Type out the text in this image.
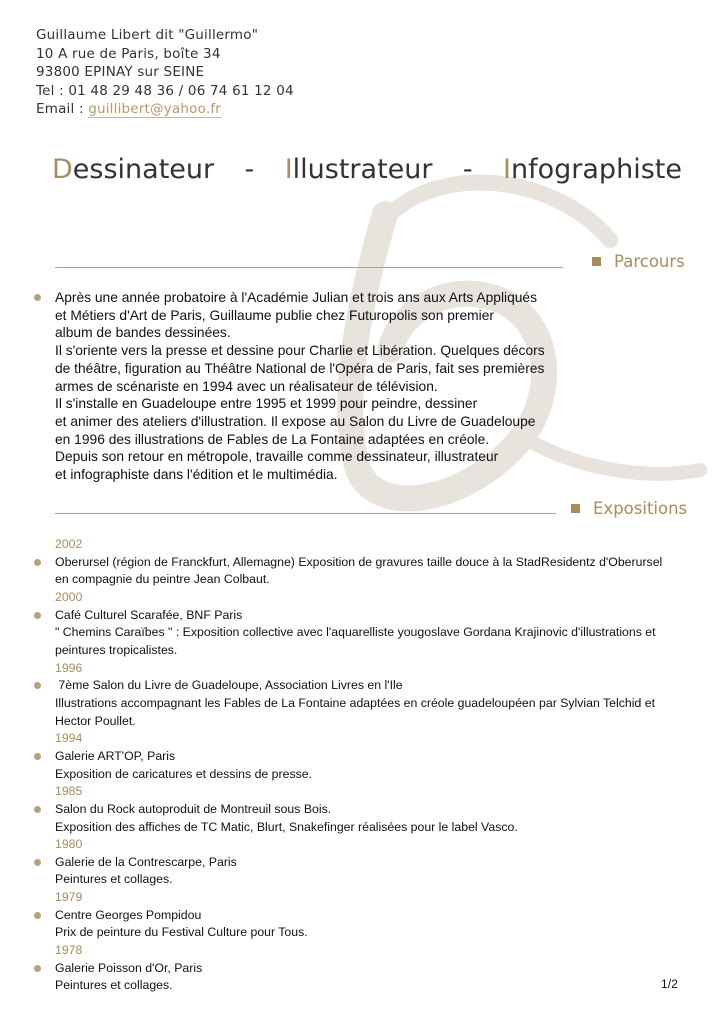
Guillaume Libert dit "Guillermo"
10 A rue de Paris, boîte 34
93800 EPINAY sur SEINE
Tel : 01 48 29 48 36 / 06 74 61 12 04
Email : guillibert@yahoo.fr
Dessinateur - Illustrateur - Infographiste
Parcours
Après une année probatoire à l'Académie Julian et trois ans aux Arts Appliqués
et Métiers d'Art de Paris, Guillaume publie chez Futuropolis son premier
album de bandes dessinées.
Il s'oriente vers la presse et dessine pour Charlie et Libération. Quelques décors
de théâtre, figuration au Théâtre National de l'Opéra de Paris, fait ses premières
armes de scénariste en 1994 avec un réalisateur de télévision.
Il s'installe en Guadeloupe entre 1995 et 1999 pour peindre, dessiner
et animer des ateliers d'illustration. Il expose au Salon du Livre de Guadeloupe
en 1996 des illustrations de Fables de La Fontaine adaptées en créole.
Depuis son retour en métropole, travaille comme dessinateur, illustrateur
et infographiste dans l'édition et le multimédia.
Expositions
2002
Oberursel (région de Franckfurt, Allemagne) Exposition de gravures taille douce à la StadResidentz d'Oberursel
en compagnie du peintre Jean Colbaut.
2000
Café Culturel Scarafée, BNF Paris
" Chemins Caraïbes " : Exposition collective avec l'aquarelliste yougoslave Gordana Krajinovic d'illustrations et
peintures tropicalistes.
1996
7ème Salon du Livre de Guadeloupe, Association Livres en l'Ile
Illustrations accompagnant les Fables de La Fontaine adaptées en créole guadeloupéen par Sylvian Telchid et
Hector Poullet.
1994
Galerie ART'OP, Paris
Exposition de caricatures et dessins de presse.
1985
Salon du Rock autoproduit de Montreuil sous Bois.
Exposition des affiches de TC Matic, Blurt, Snakefinger réalisées pour le label Vasco.
1980
Galerie de la Contrescarpe, Paris
Peintures et collages.
1979
Centre Georges Pompidou
Prix de peinture du Festival Culture pour Tous.
1978
Galerie Poisson d'Or, Paris
Peintures et collages.	1/2
